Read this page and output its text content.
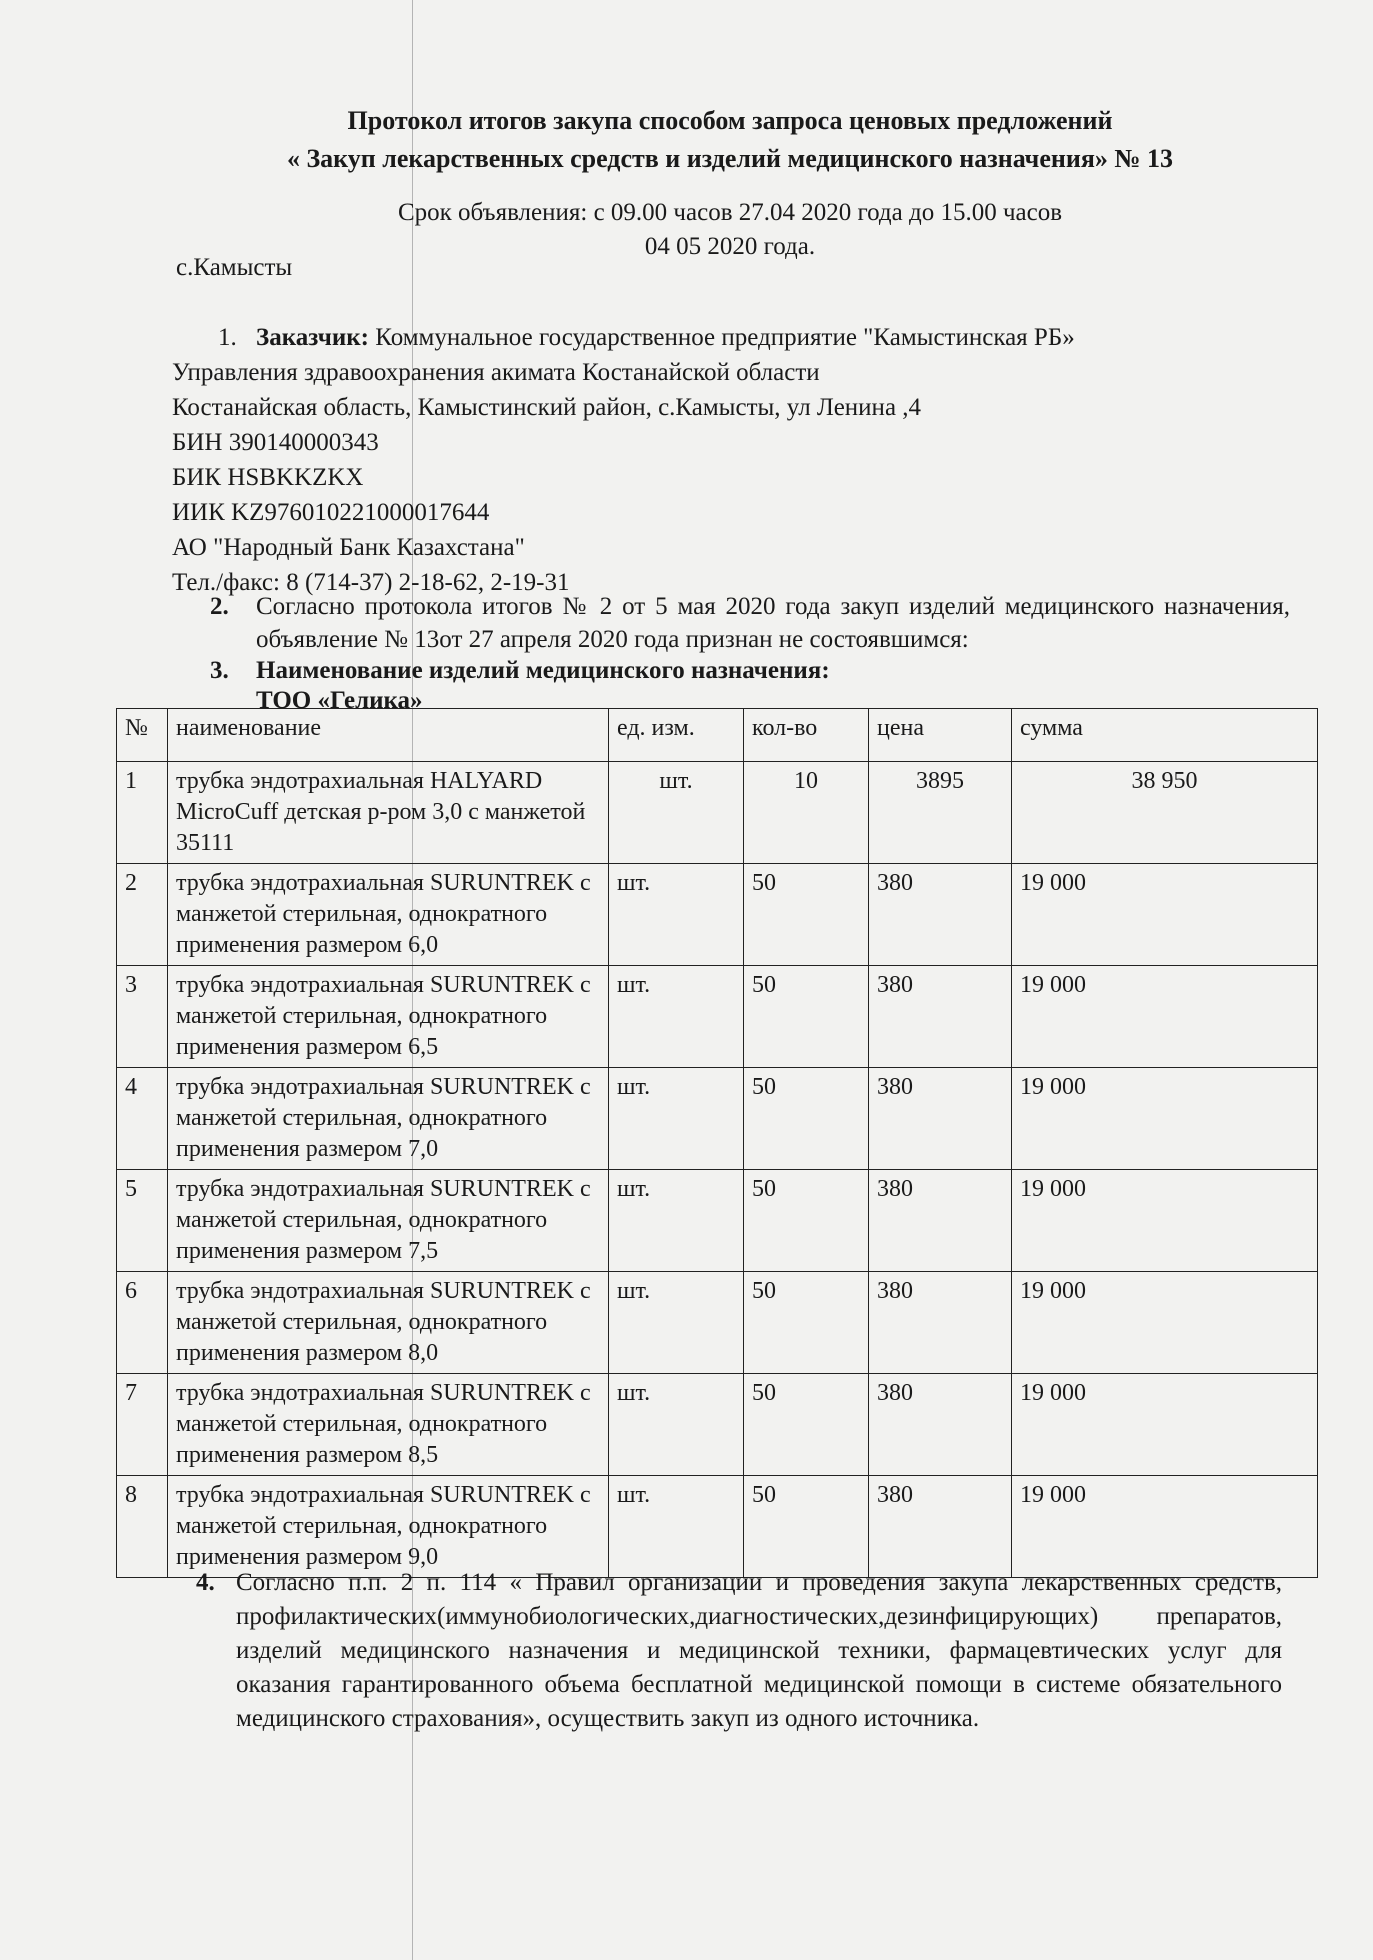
Протокол итогов закупа способом запроса ценовых предложений
« Закуп лекарственных средств и изделий медицинского назначения» № 13
Срок объявления: с 09.00 часов 27.04 2020 года до 15.00 часов
04 05 2020 года.
с.Камысты
1. Заказчик: Коммунальное государственное предприятие "Камыстинская РБ»
Управления здравоохранения акимата Костанайской области
Костанайская область, Камыстинский район, с.Камысты, ул Ленина ,4
БИН 390140000343
БИК HSBKKZKX
ИИК KZ976010221000017644
АО "Народный Банк Казахстана"
Тел./факс: 8 (714-37) 2-18-62, 2-19-31
2.	Согласно протокола итогов № 2 от 5 мая 2020 года закуп изделий медицинского назначения, объявление № 13от 27 апреля 2020 года признан не состоявшимся:
3.	Наименование изделий медицинского назначения:
ТОО «Гелика»
№	наименование	ед. изм.	кол-во	цена	сумма
1	трубка эндотрахиальная HALYARD MicroCuff детская р-ром 3,0 с манжетой 35111	шт.	10	3895	38 950
2	трубка эндотрахиальная SURUNTREK с манжетой стерильная, однократного применения размером 6,0	шт.	50	380	19 000
3	трубка эндотрахиальная SURUNTREK с манжетой стерильная, однократного применения размером 6,5	шт.	50	380	19 000
4	трубка эндотрахиальная SURUNTREK с манжетой стерильная, однократного применения размером 7,0	шт.	50	380	19 000
5	трубка эндотрахиальная SURUNTREK с манжетой стерильная, однократного применения размером 7,5	шт.	50	380	19 000
6	трубка эндотрахиальная SURUNTREK с манжетой стерильная, однократного применения размером 8,0	шт.	50	380	19 000
7	трубка эндотрахиальная SURUNTREK с манжетой стерильная, однократного применения размером 8,5	шт.	50	380	19 000
8	трубка эндотрахиальная SURUNTREK с манжетой стерильная, однократного применения размером 9,0	шт.	50	380	19 000
4. Согласно п.п. 2 п. 114 « Правил организации и проведения закупа лекарственных средств, профилактических(иммунобиологических,диагностических,дезинфицирующих) препаратов, изделий медицинского назначения и медицинской техники, фармацевтических услуг для оказания гарантированного объема бесплатной медицинской помощи в системе обязательного медицинского страхования», осуществить закуп из одного источника.
